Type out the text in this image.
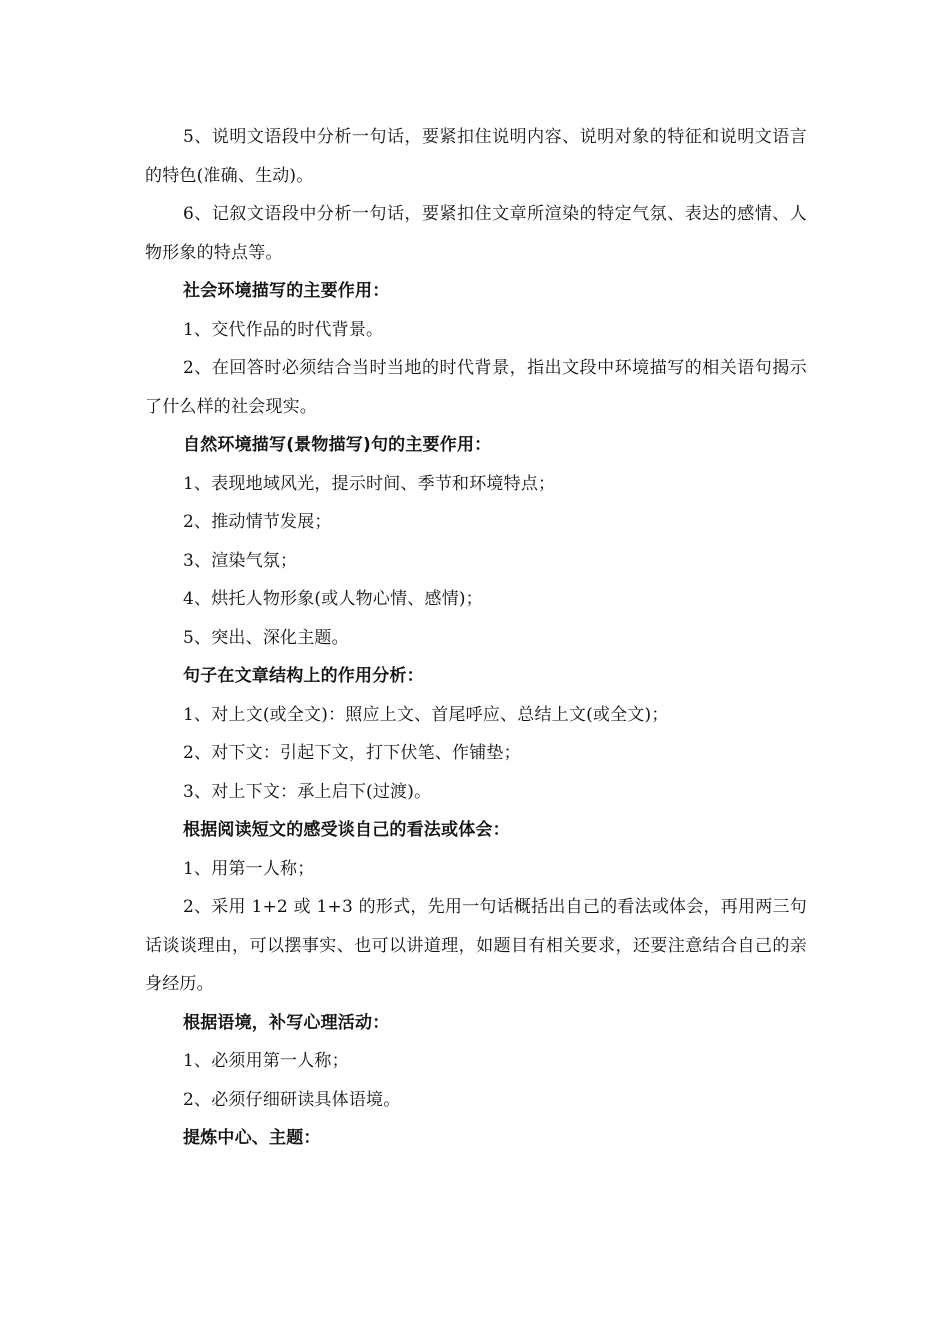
5、说明文语段中分析一句话，要紧扣住说明内容、说明对象的特征和说明文语言的特色(准确、生动)。

6、记叙文语段中分析一句话，要紧扣住文章所渲染的特定气氛、表达的感情、人物形象的特点等。

社会环境描写的主要作用：

1、交代作品的时代背景。

2、在回答时必须结合当时当地的时代背景，指出文段中环境描写的相关语句揭示了什么样的社会现实。

自然环境描写(景物描写)句的主要作用：

1、表现地域风光，提示时间、季节和环境特点；

2、推动情节发展；

3、渲染气氛；

4、烘托人物形象(或人物心情、感情)；

5、突出、深化主题。

句子在文章结构上的作用分析：

1、对上文(或全文)：照应上文、首尾呼应、总结上文(或全文)；

2、对下文：引起下文，打下伏笔、作铺垫；

3、对上下文：承上启下(过渡)。

根据阅读短文的感受谈自己的看法或体会：

1、用第一人称；

2、采用 1+2 或 1+3 的形式，先用一句话概括出自己的看法或体会，再用两三句话谈谈理由，可以摆事实、也可以讲道理，如题目有相关要求，还要注意结合自己的亲身经历。

根据语境，补写心理活动：

1、必须用第一人称；

2、必须仔细研读具体语境。

提炼中心、主题：
